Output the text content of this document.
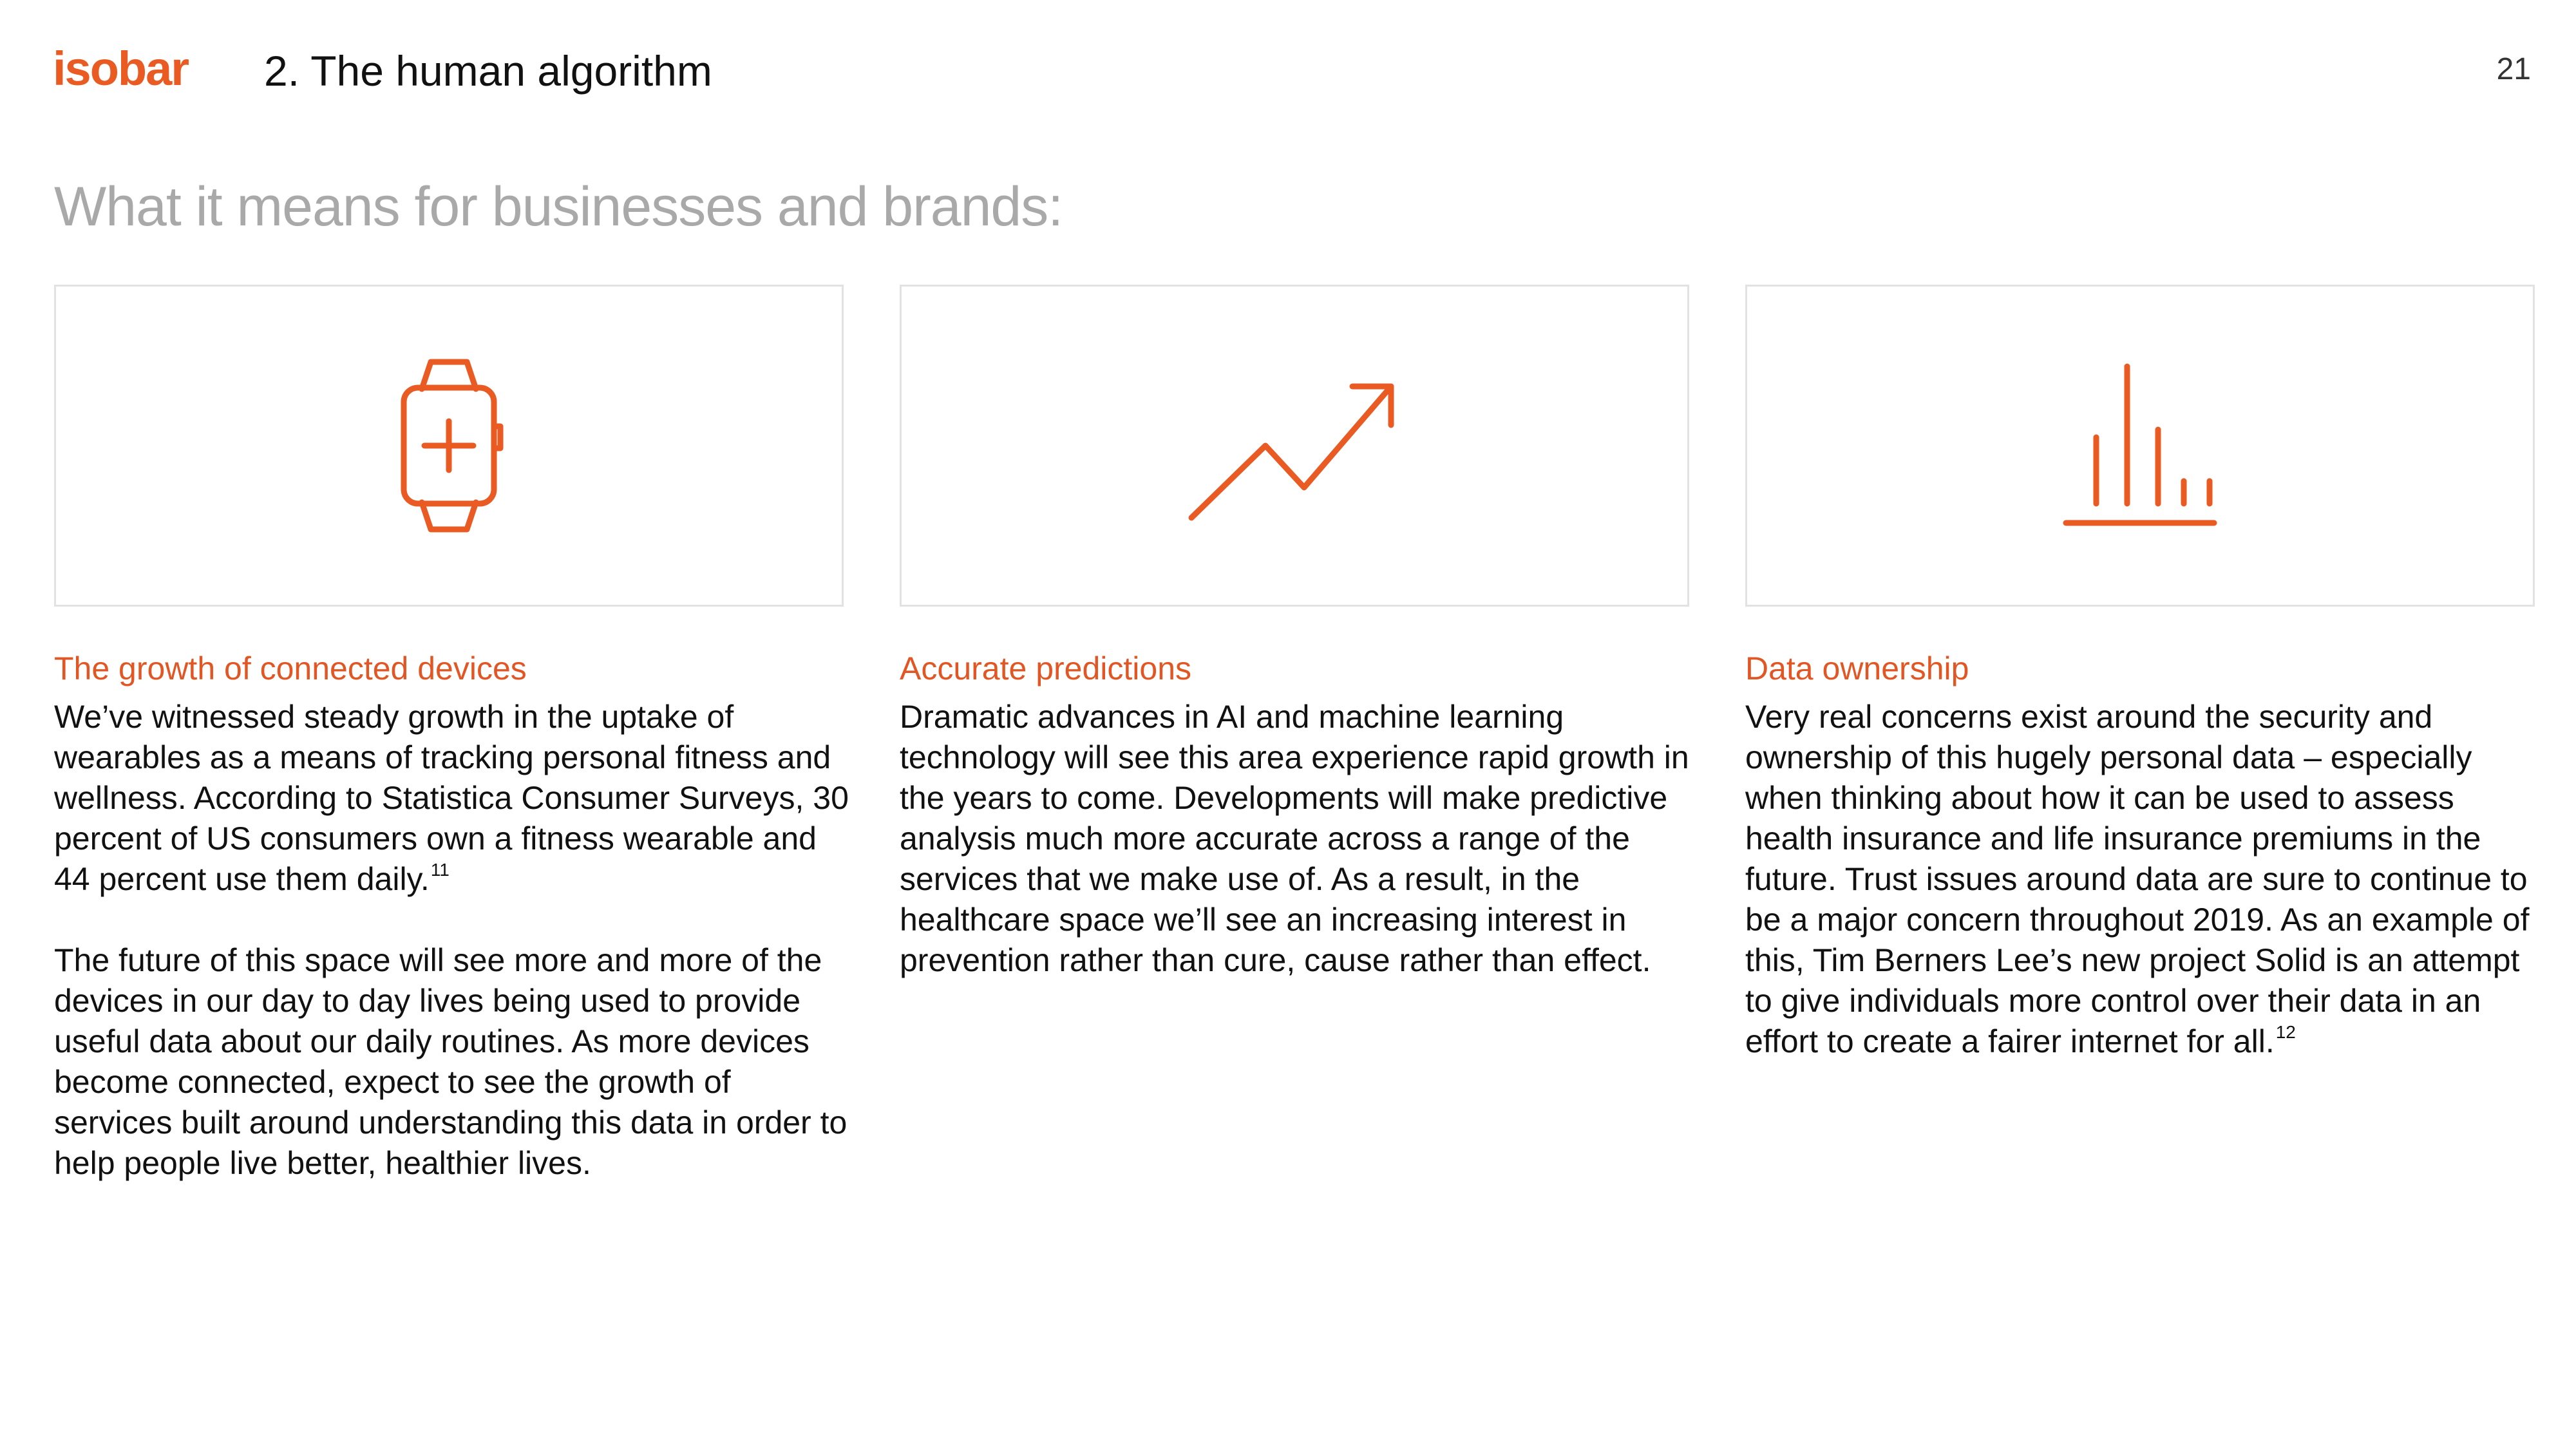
isobar 2. The human algorithm	21
What it means for businesses and brands:
The growth of connected devices

We’ve witnessed steady growth in the uptake of wearables as a means of tracking personal fitness and wellness. According to Statistica Consumer Surveys, 30 percent of US consumers own a fitness wearable and 44 percent use them daily.$^{11}$

The future of this space will see more and more of the devices in our day to day lives being used to provide useful data about our daily routines. As more devices become connected, expect to see the growth of services built around understanding this data in order to help people live better, healthier lives.

Accurate predictions

Dramatic advances in AI and machine learning technology will see this area experience rapid growth in the years to come. Developments will make predictive analysis much more accurate across a range of the services that we make use of. As a result, in the healthcare space we’ll see an increasing interest in prevention rather than cure, cause rather than effect.

Data ownership

Very real concerns exist around the security and ownership of this hugely personal data – especially when thinking about how it can be used to assess health insurance and life insurance premiums in the future. Trust issues around data are sure to continue to be a major concern throughout 2019. As an example of this, Tim Berners Lee’s new project Solid is an attempt to give individuals more control over their data in an effort to create a fairer internet for all.$^{12}$
